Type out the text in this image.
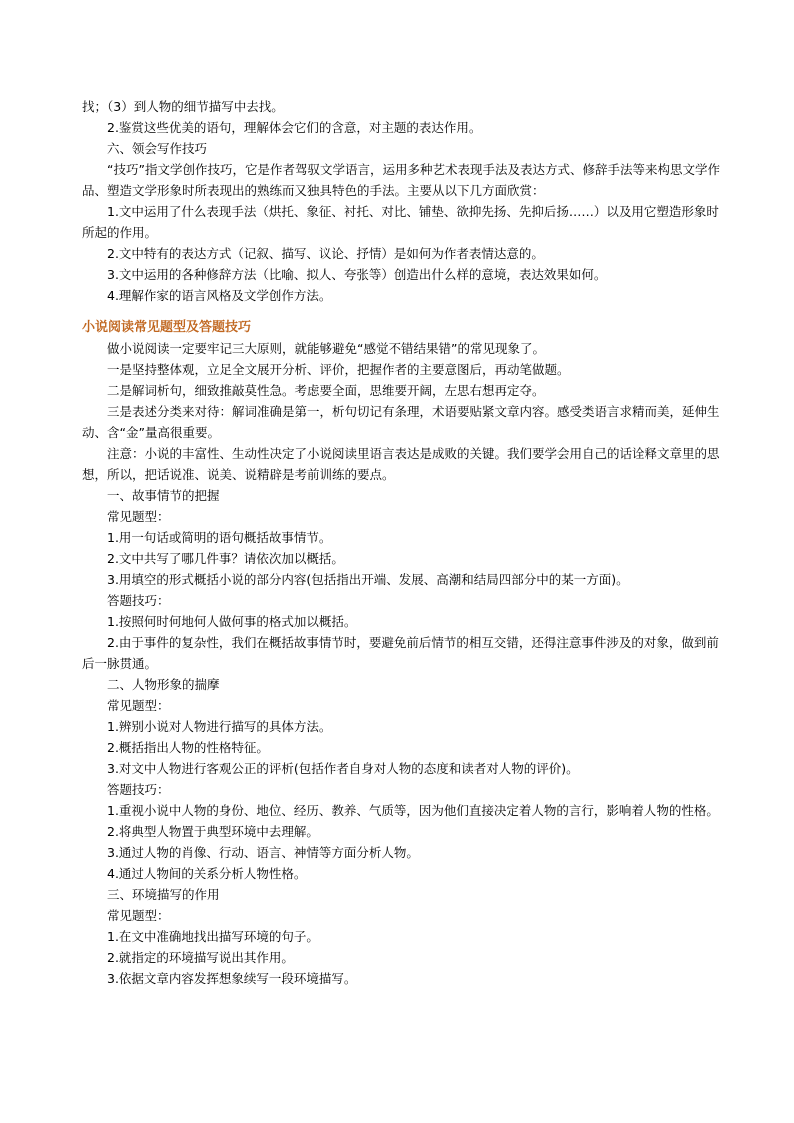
找；（3）到人物的细节描写中去找。

2.鉴赏这些优美的语句，理解体会它们的含意，对主题的表达作用。

六、领会写作技巧

“技巧”指文学创作技巧，它是作者驾驭文学语言，运用多种艺术表现手法及表达方式、修辞手法等来构思文学作品、塑造文学形象时所表现出的熟练而又独具特色的手法。主要从以下几方面欣赏：

1.文中运用了什么表现手法（烘托、象征、衬托、对比、铺垫、欲抑先扬、先抑后扬……）以及用它塑造形象时所起的作用。

2.文中特有的表达方式（记叙、描写、议论、抒情）是如何为作者表情达意的。

3.文中运用的各种修辞方法（比喻、拟人、夸张等）创造出什么样的意境，表达效果如何。

4.理解作家的语言风格及文学创作方法。

小说阅读常见题型及答题技巧

做小说阅读一定要牢记三大原则，就能够避免“感觉不错结果错”的常见现象了。

一是坚持整体观，立足全文展开分析、评价，把握作者的主要意图后，再动笔做题。

二是解词析句，细致推敲莫性急。考虑要全面，思维要开阔，左思右想再定夺。

三是表述分类来对待：解词准确是第一，析句切记有条理，术语要贴紧文章内容。感受类语言求精而美，延伸生动、含“金”量高很重要。

注意：小说的丰富性、生动性决定了小说阅读里语言表达是成败的关键。我们要学会用自己的话诠释文章里的思想，所以，把话说准、说美、说精辟是考前训练的要点。

一、故事情节的把握

常见题型：

1.用一句话或简明的语句概括故事情节。

2.文中共写了哪几件事？请依次加以概括。

3.用填空的形式概括小说的部分内容(包括指出开端、发展、高潮和结局四部分中的某一方面)。

答题技巧：

1.按照何时何地何人做何事的格式加以概括。

2.由于事件的复杂性，我们在概括故事情节时，要避免前后情节的相互交错，还得注意事件涉及的对象，做到前后一脉贯通。

二、人物形象的揣摩

常见题型：

1.辨别小说对人物进行描写的具体方法。

2.概括指出人物的性格特征。

3.对文中人物进行客观公正的评析(包括作者自身对人物的态度和读者对人物的评价)。

答题技巧：

1.重视小说中人物的身份、地位、经历、教养、气质等，因为他们直接决定着人物的言行，影响着人物的性格。

2.将典型人物置于典型环境中去理解。

3.通过人物的肖像、行动、语言、神情等方面分析人物。

4.通过人物间的关系分析人物性格。

三、环境描写的作用

常见题型：

1.在文中准确地找出描写环境的句子。

2.就指定的环境描写说出其作用。

3.依据文章内容发挥想象续写一段环境描写。
